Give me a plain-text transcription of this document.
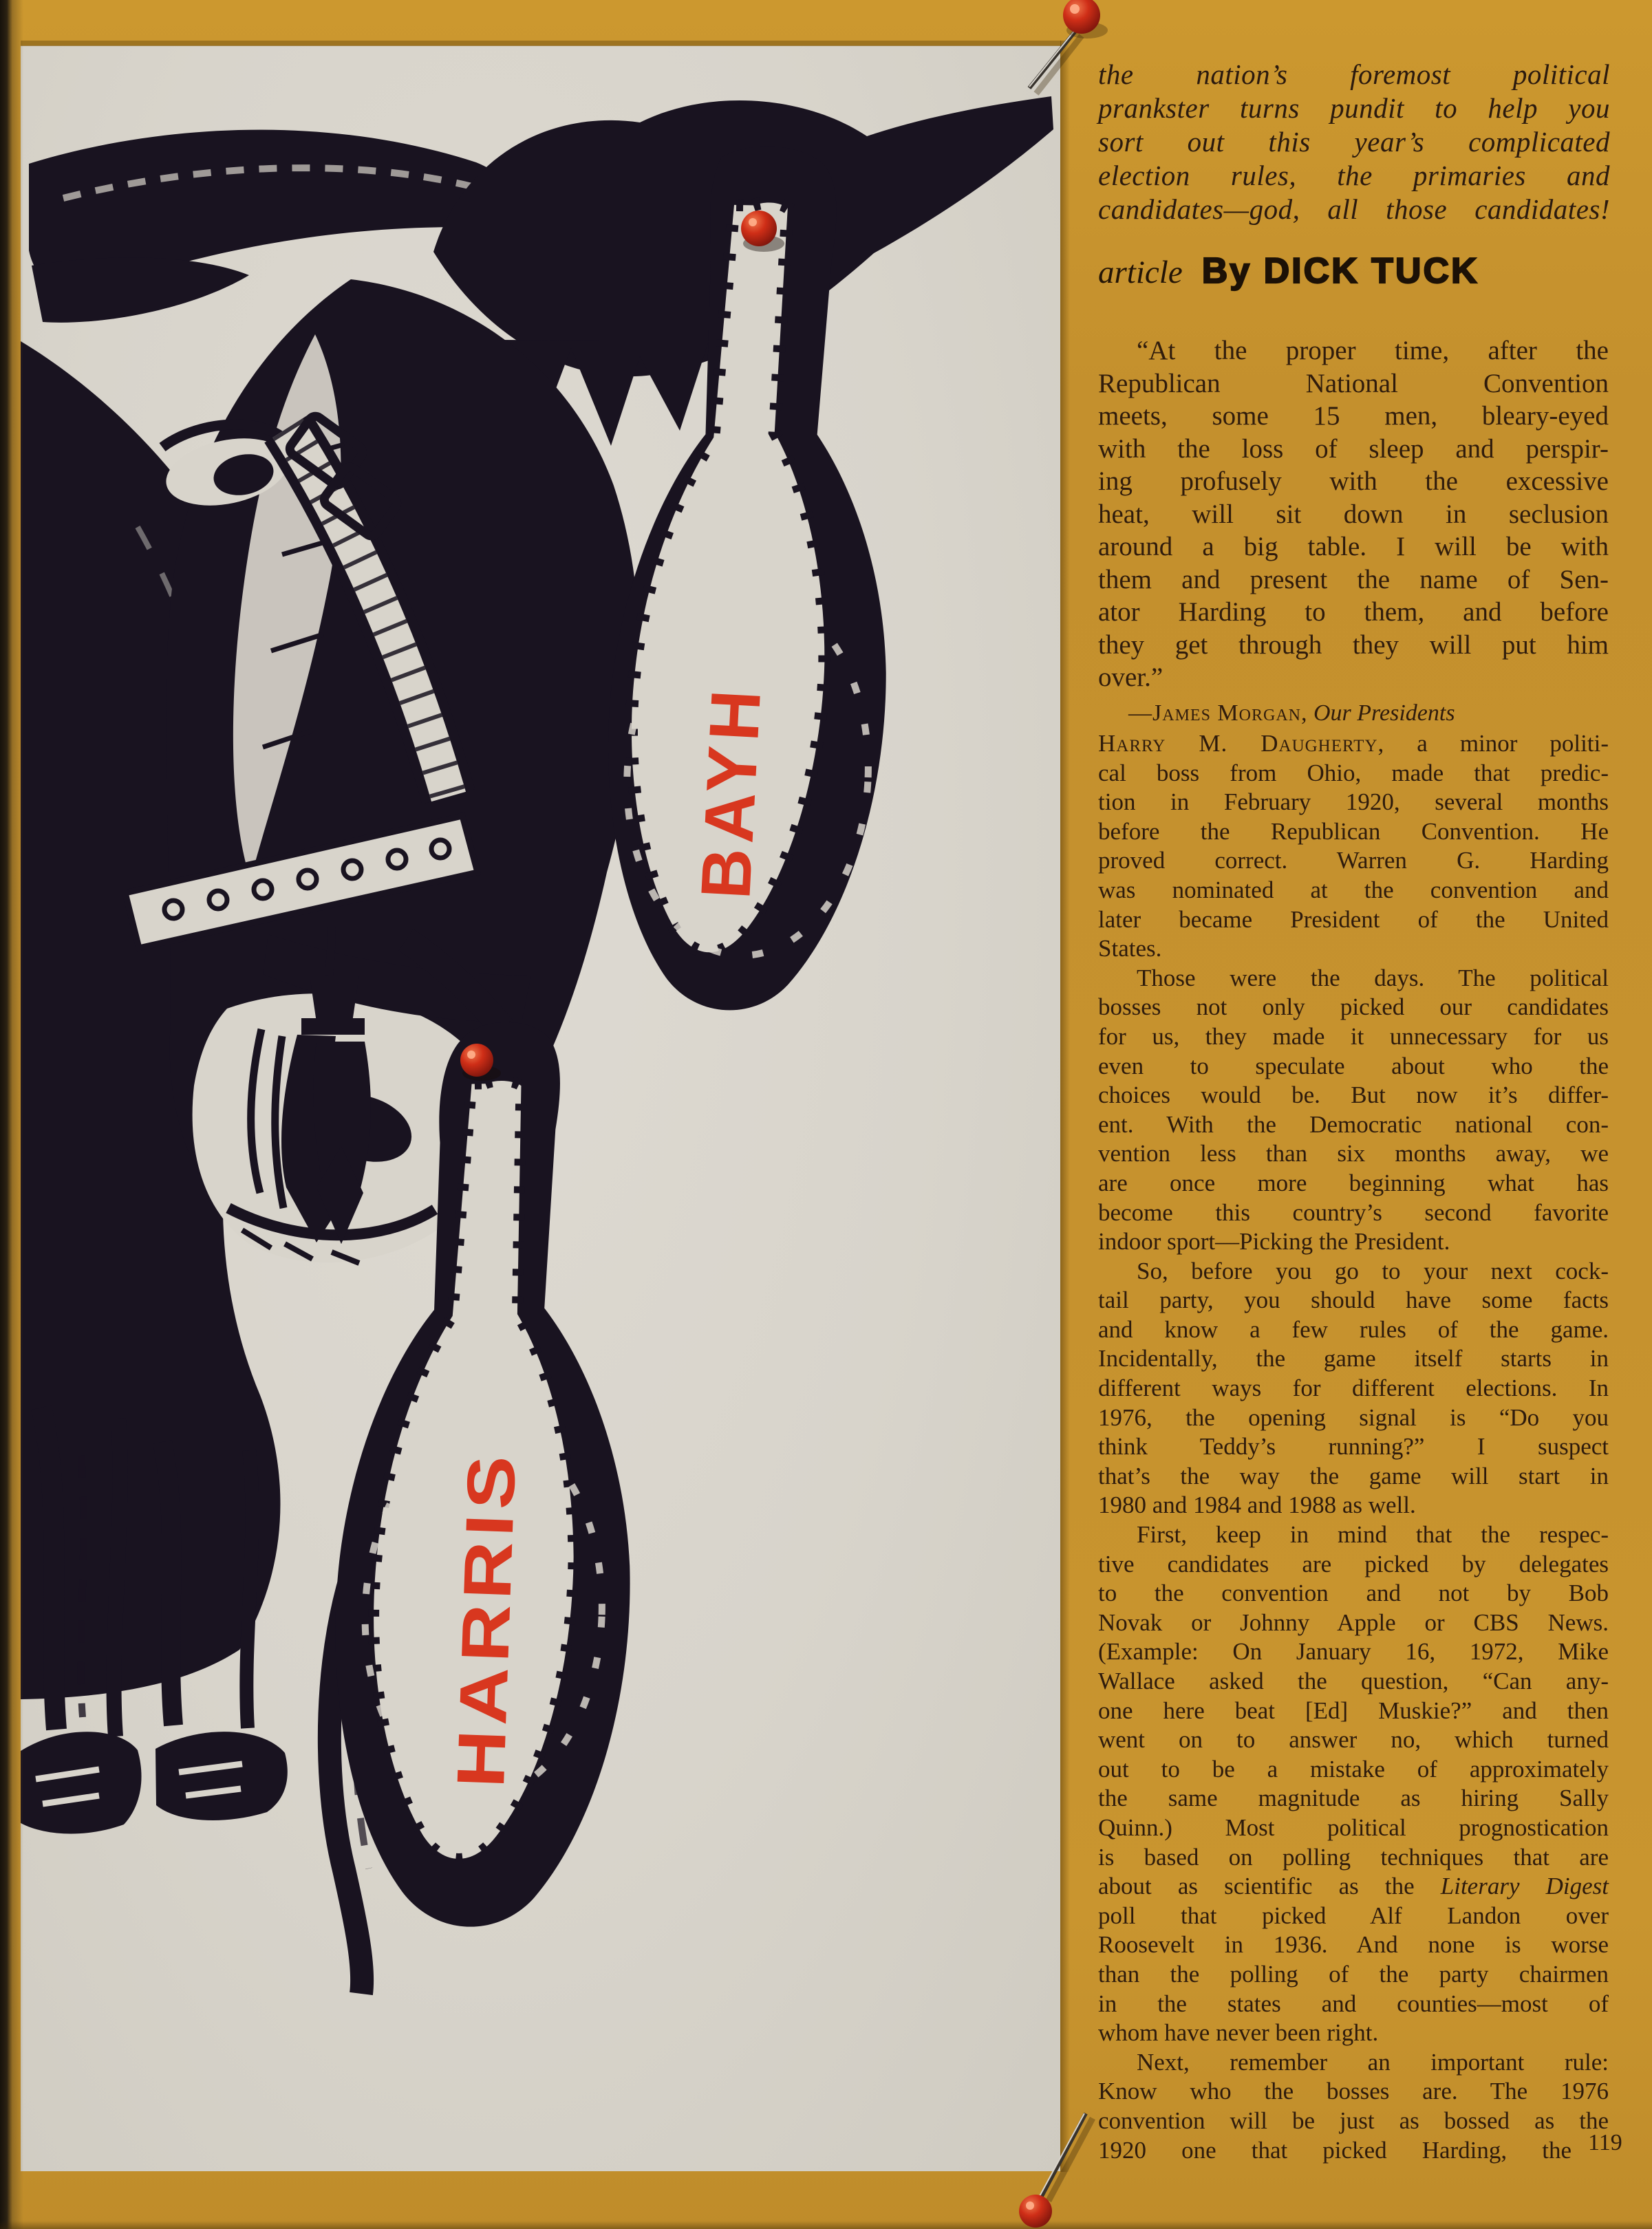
BAYH
HARRIS
the nation’s foremost political
prankster turns pundit to help you
sort out this year’s complicated
election rules, the primaries and
candidates—god, all those candidates!
article By DICK TUCK
“At the proper time, after the
Republican National Convention
meets, some 15 men, bleary-eyed
with the loss of sleep and perspir-
ing profusely with the excessive
heat, will sit down in seclusion
around a big table. I will be with
them and present the name of Sen-
ator Harding to them, and before
they get through they will put him
over.”
—James Morgan, Our Presidents
Harry M. Daugherty, a minor politi-
cal boss from Ohio, made that predic-
tion in February 1920, several months
before the Republican Convention. He
proved correct. Warren G. Harding
was nominated at the convention and
later became President of the United
States.
Those were the days. The political
bosses not only picked our candidates
for us, they made it unnecessary for us
even to speculate about who the
choices would be. But now it’s differ-
ent. With the Democratic national con-
vention less than six months away, we
are once more beginning what has
become this country’s second favorite
indoor sport—Picking the President.
So, before you go to your next cock-
tail party, you should have some facts
and know a few rules of the game.
Incidentally, the game itself starts in
different ways for different elections. In
1976, the opening signal is “Do you
think Teddy’s running?” I suspect
that’s the way the game will start in
1980 and 1984 and 1988 as well.
First, keep in mind that the respec-
tive candidates are picked by delegates
to the convention and not by Bob
Novak or Johnny Apple or CBS News.
(Example: On January 16, 1972, Mike
Wallace asked the question, “Can any-
one here beat [Ed] Muskie?” and then
went on to answer no, which turned
out to be a mistake of approximately
the same magnitude as hiring Sally
Quinn.) Most political prognostication
is based on polling techniques that are
about as scientific as the Literary Digest
poll that picked Alf Landon over
Roosevelt in 1936. And none is worse
than the polling of the party chairmen
in the states and counties—most of
whom have never been right.
Next, remember an important rule:
Know who the bosses are. The 1976
convention will be just as bossed as the
1920 one that picked Harding, the 119
